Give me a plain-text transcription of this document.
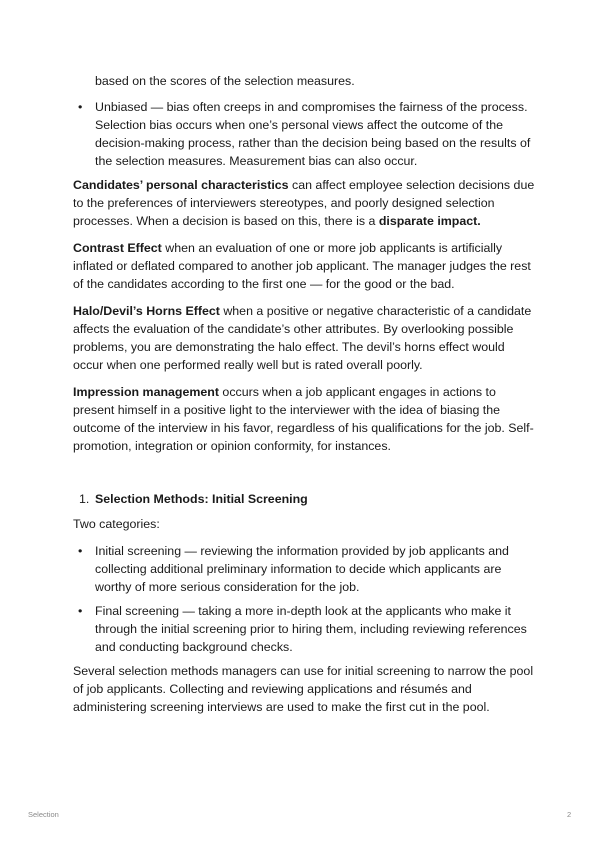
based on the scores of the selection measures.
• Unbiased — bias often creeps in and compromises the fairness of the process. Selection bias occurs when one’s personal views affect the outcome of the decision-making process, rather than the decision being based on the results of the selection measures. Measurement bias can also occur.

Candidates’ personal characteristics can affect employee selection decisions due to the preferences of interviewers stereotypes, and poorly designed selection processes. When a decision is based on this, there is a disparate impact.

Contrast Effect when an evaluation of one or more job applicants is artificially inflated or deflated compared to another job applicant. The manager judges the rest of the candidates according to the first one — for the good or the bad.

Halo/Devil’s Horns Effect when a positive or negative characteristic of a candidate affects the evaluation of the candidate’s other attributes. By overlooking possible problems, you are demonstrating the halo effect. The devil’s horns effect would occur when one performed really well but is rated overall poorly.

Impression management occurs when a job applicant engages in actions to present himself in a positive light to the interviewer with the idea of biasing the outcome of the interview in his favor, regardless of his qualifications for the job. Self-promotion, integration or opinion conformity, for instances.

1. Selection Methods: Initial Screening

Two categories:

• Initial screening — reviewing the information provided by job applicants and collecting additional preliminary information to decide which applicants are worthy of more serious consideration for the job.
• Final screening — taking a more in-depth look at the applicants who make it through the initial screening prior to hiring them, including reviewing references and conducting background checks.

Several selection methods managers can use for initial screening to narrow the pool of job applicants. Collecting and reviewing applications and résumés and administering screening interviews are used to make the first cut in the pool.

Selection	2
